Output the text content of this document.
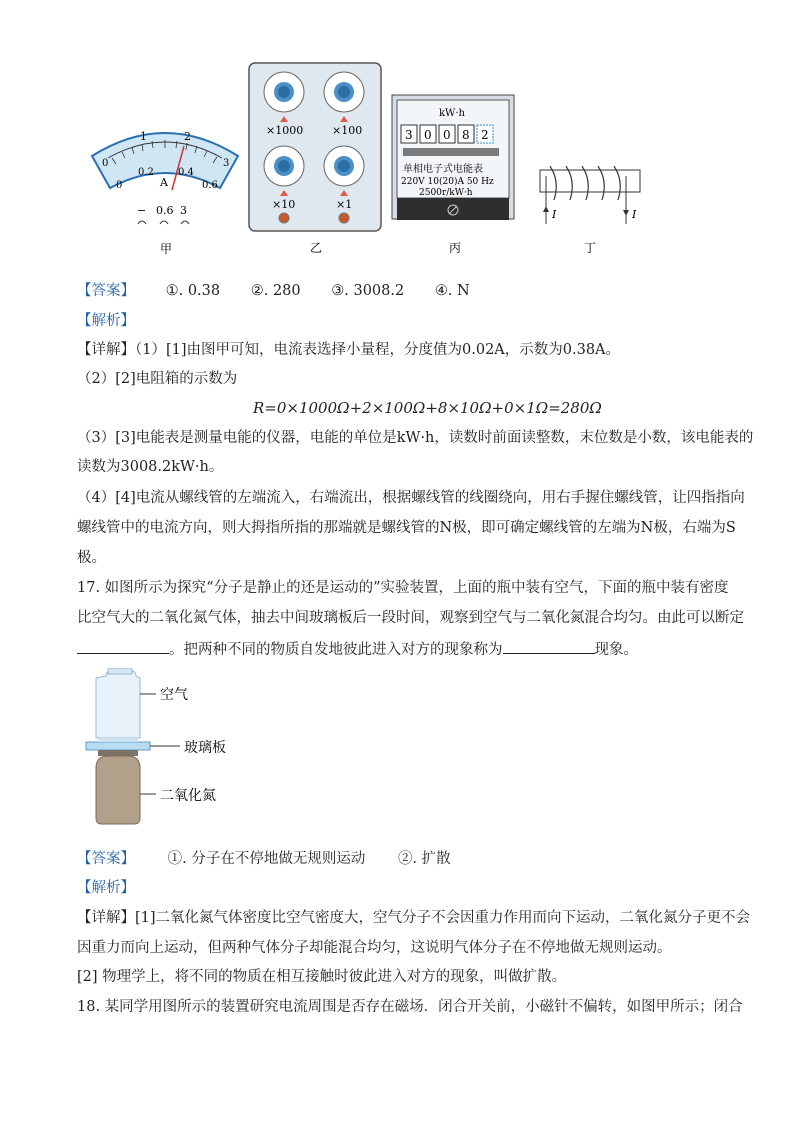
1	2
0.2 0.4
0	3
0	0.6
A
− 0.6 3
甲
×1000	×100
×10	×1
乙
kW·h
3 0 0 8 2
单相电子式电能表
220V 10(20)A 50 Hz
2500r/kW·h
丙
I	I
丁
【答案】 ①. 0.38 ②. 280 ③. 3008.2 ④. N
【解析】
【详解】（1）[1]由图甲可知，电流表选择小量程，分度值为0.02A，示数为0.38A。
（2）[2]电阻箱的示数为
R=0×1000Ω+2×100Ω+8×10Ω+0×1Ω=280Ω
（3）[3]电能表是测量电能的仪器，电能的单位是kW·h，读数时前面读整数，末位数是小数，该电能表的
读数为3008.2kW·h。
（4）[4]电流从螺线管的左端流入，右端流出，根据螺线管的线圈绕向，用右手握住螺线管，让四指指向
螺线管中的电流方向，则大拇指所指的那端就是螺线管的N极，即可确定螺线管的左端为N极，右端为S
极。
17. 如图所示为探究“分子是静止的还是运动的”实验装置，上面的瓶中装有空气，下面的瓶中装有密度
比空气大的二氧化氮气体，抽去中间玻璃板后一段时间，观察到空气与二氧化氮混合均匀。由此可以断定
。把两种不同的物质自发地彼此进入对方的现象称为	现象。
空气
玻璃板
二氧化氮
【答案】 ①. 分子在不停地做无规则运动 ②. 扩散
【解析】
【详解】[1]二氧化氮气体密度比空气密度大，空气分子不会因重力作用而向下运动，二氧化氮分子更不会
因重力而向上运动，但两种气体分子却能混合均匀，这说明气体分子在不停地做无规则运动。
[2] 物理学上，将不同的物质在相互接触时彼此进入对方的现象，叫做扩散。
18. 某同学用图所示的装置研究电流周围是否存在磁场．闭合开关前，小磁针不偏转，如图甲所示；闭合
